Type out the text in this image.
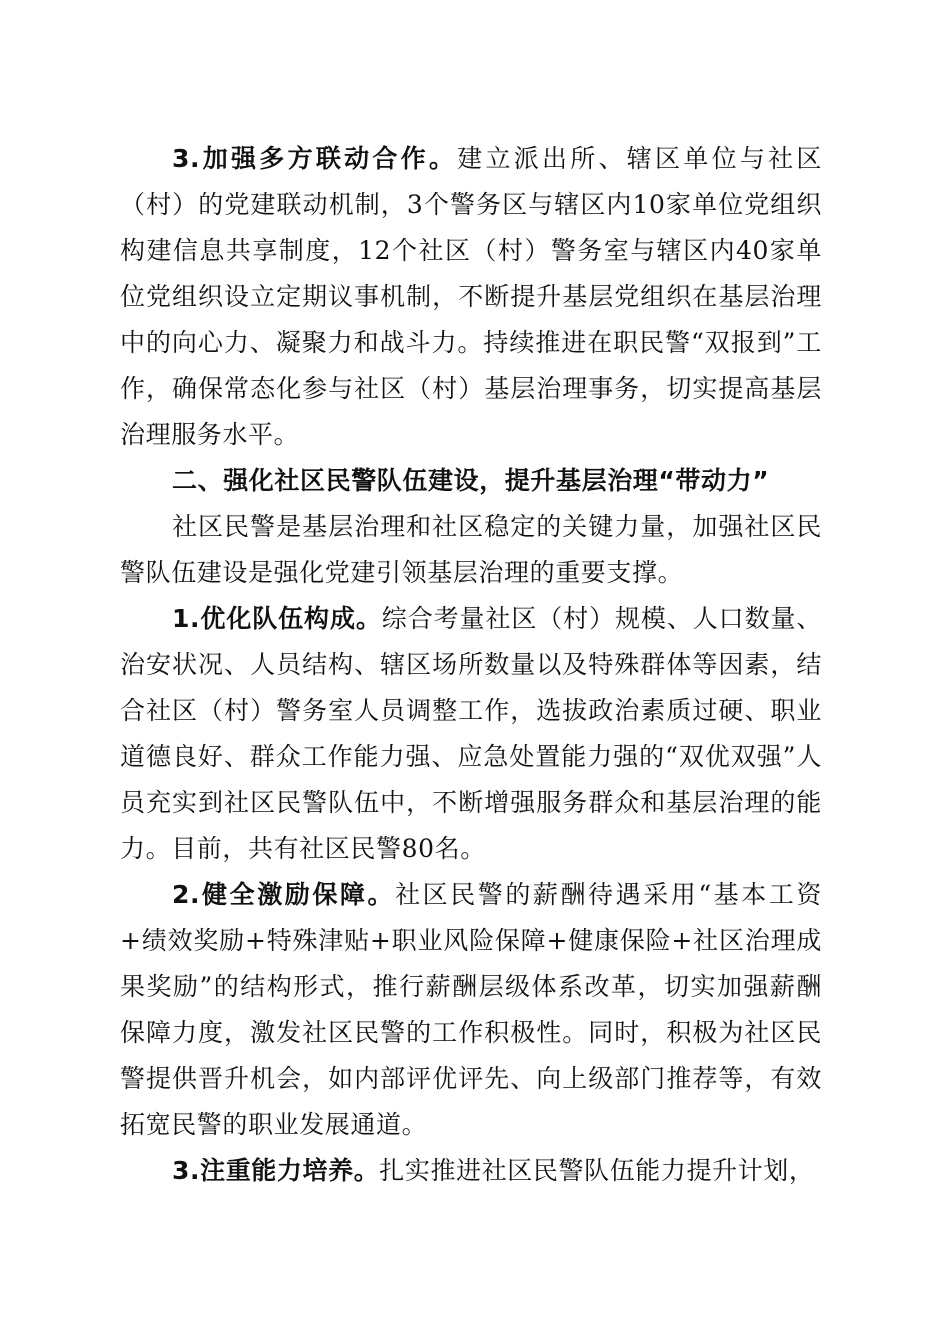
3.加强多方联动合作。建立派出所、辖区单位与社区（村）的党建联动机制，3个警务区与辖区内10家单位党组织构建信息共享制度，12个社区（村）警务室与辖区内40家单位党组织设立定期议事机制，不断提升基层党组织在基层治理中的向心力、凝聚力和战斗力。持续推进在职民警“双报到”工作，确保常态化参与社区（村）基层治理事务，切实提高基层治理服务水平。

二、强化社区民警队伍建设，提升基层治理“带动力”

社区民警是基层治理和社区稳定的关键力量，加强社区民警队伍建设是强化党建引领基层治理的重要支撑。

1.优化队伍构成。综合考量社区（村）规模、人口数量、治安状况、人员结构、辖区场所数量以及特殊群体等因素，结合社区（村）警务室人员调整工作，选拔政治素质过硬、职业道德良好、群众工作能力强、应急处置能力强的“双优双强”人员充实到社区民警队伍中，不断增强服务群众和基层治理的能力。目前，共有社区民警80名。

2.健全激励保障。社区民警的薪酬待遇采用“基本工资+绩效奖励+特殊津贴+职业风险保障+健康保险+社区治理成果奖励”的结构形式，推行薪酬层级体系改革，切实加强薪酬保障力度，激发社区民警的工作积极性。同时，积极为社区民警提供晋升机会，如内部评优评先、向上级部门推荐等，有效拓宽民警的职业发展通道。

3.注重能力培养。扎实推进社区民警队伍能力提升计划，
